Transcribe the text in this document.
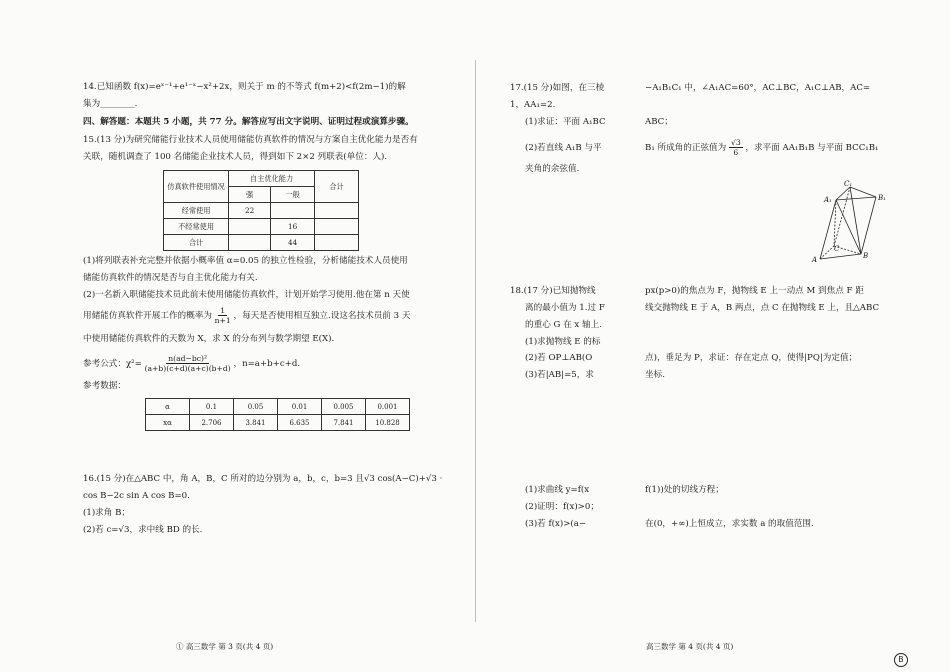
14.已知函数 f(x)=eˣ⁻¹+e¹⁻ˣ−x²+2x，则关于 m 的不等式 f(m+2)<f(2m−1)的解
集为________.
四、解答题：本题共 5 小题，共 77 分。解答应写出文字说明、证明过程或演算步骤。
15.(13 分)为研究储能行业技术人员使用储能仿真软件的情况与方案自主优化能力是否有
关联，随机调查了 100 名储能企业技术人员，得到如下 2×2 列联表(单位：人).
仿真软件使用情况	自主优化能力		合计
	强	一般	
经常使用	22		
不经常使用		16	
合计		44	
(1)将列联表补充完整并依据小概率值 α=0.05 的独立性检验，分析储能技术人员使用
储能仿真软件的情况是否与自主优化能力有关.
(2)一名新入职储能技术员此前未使用储能仿真软件，计划开始学习使用.他在第 n 天使
用储能仿真软件开展工作的概率为 $\frac{1}{n+1}$ ，每天是否使用相互独立.设这名技术员前 3 天
中使用储能仿真软件的天数为 X，求 X 的分布列与数学期望 E(X).
参考公式：$\chi^2= \frac{\text{n(ad−bc)²}}{(a+b)(c+d)(a+c)(b+d)}$ ，n=a+b+c+d.
参考数据：
α	0.1	0.05	0.01	0.005	0.001
xα	2.706	3.841	6.635	7.841	10.828
16.(15 分)在△ABC 中，角 A，B，C 所对的边分别为 a，b，c，b=3 且√3 cos(A−C)+√3 ·
cos B−2c sin A cos B=0.
(1)求角 B；
(2)若 c=√3，求中线 BD 的长.
① 高三数学 第 3 页(共 4 页)
17.(15 分)如图，在三棱	−A₁B₁C₁ 中，∠A₁AC=60°，AC⊥BC，A₁C⊥AB，AC=
1，AA₁=2.
(1)求证：平面 A₁BC	ABC；
(2)若直线 A₁B 与平	B₁ 所成角的正弦值为 $\frac{√3}{6}$ ，求平面 AA₁B₁B 与平面 BCC₁B₁
夹角的余弦值.
A₁
C₁
B₁
A
C
B
18.(17 分)已知抛物线	px(p>0)的焦点为 F，抛物线 E 上一动点 M 到焦点 F 距
离的最小值为 1.过 F	线交抛物线 E 于 A，B 两点，点 C 在抛物线 E 上，且△ABC
的重心 G 在 x 轴上.
(1)求抛物线 E 的标
(2)若 OP⊥AB(O	点)，垂足为 P，求证：存在定点 Q，使得|PQ|为定值；
(3)若|AB|=5，求	坐标.
(1)求曲线 y=f(x	f(1))处的切线方程；
(2)证明：f(x)>0；
(3)若 f(x)>(a−	在(0，+∞)上恒成立，求实数 a 的取值范围.
高三数学 第 4 页(共 4 页)
B
